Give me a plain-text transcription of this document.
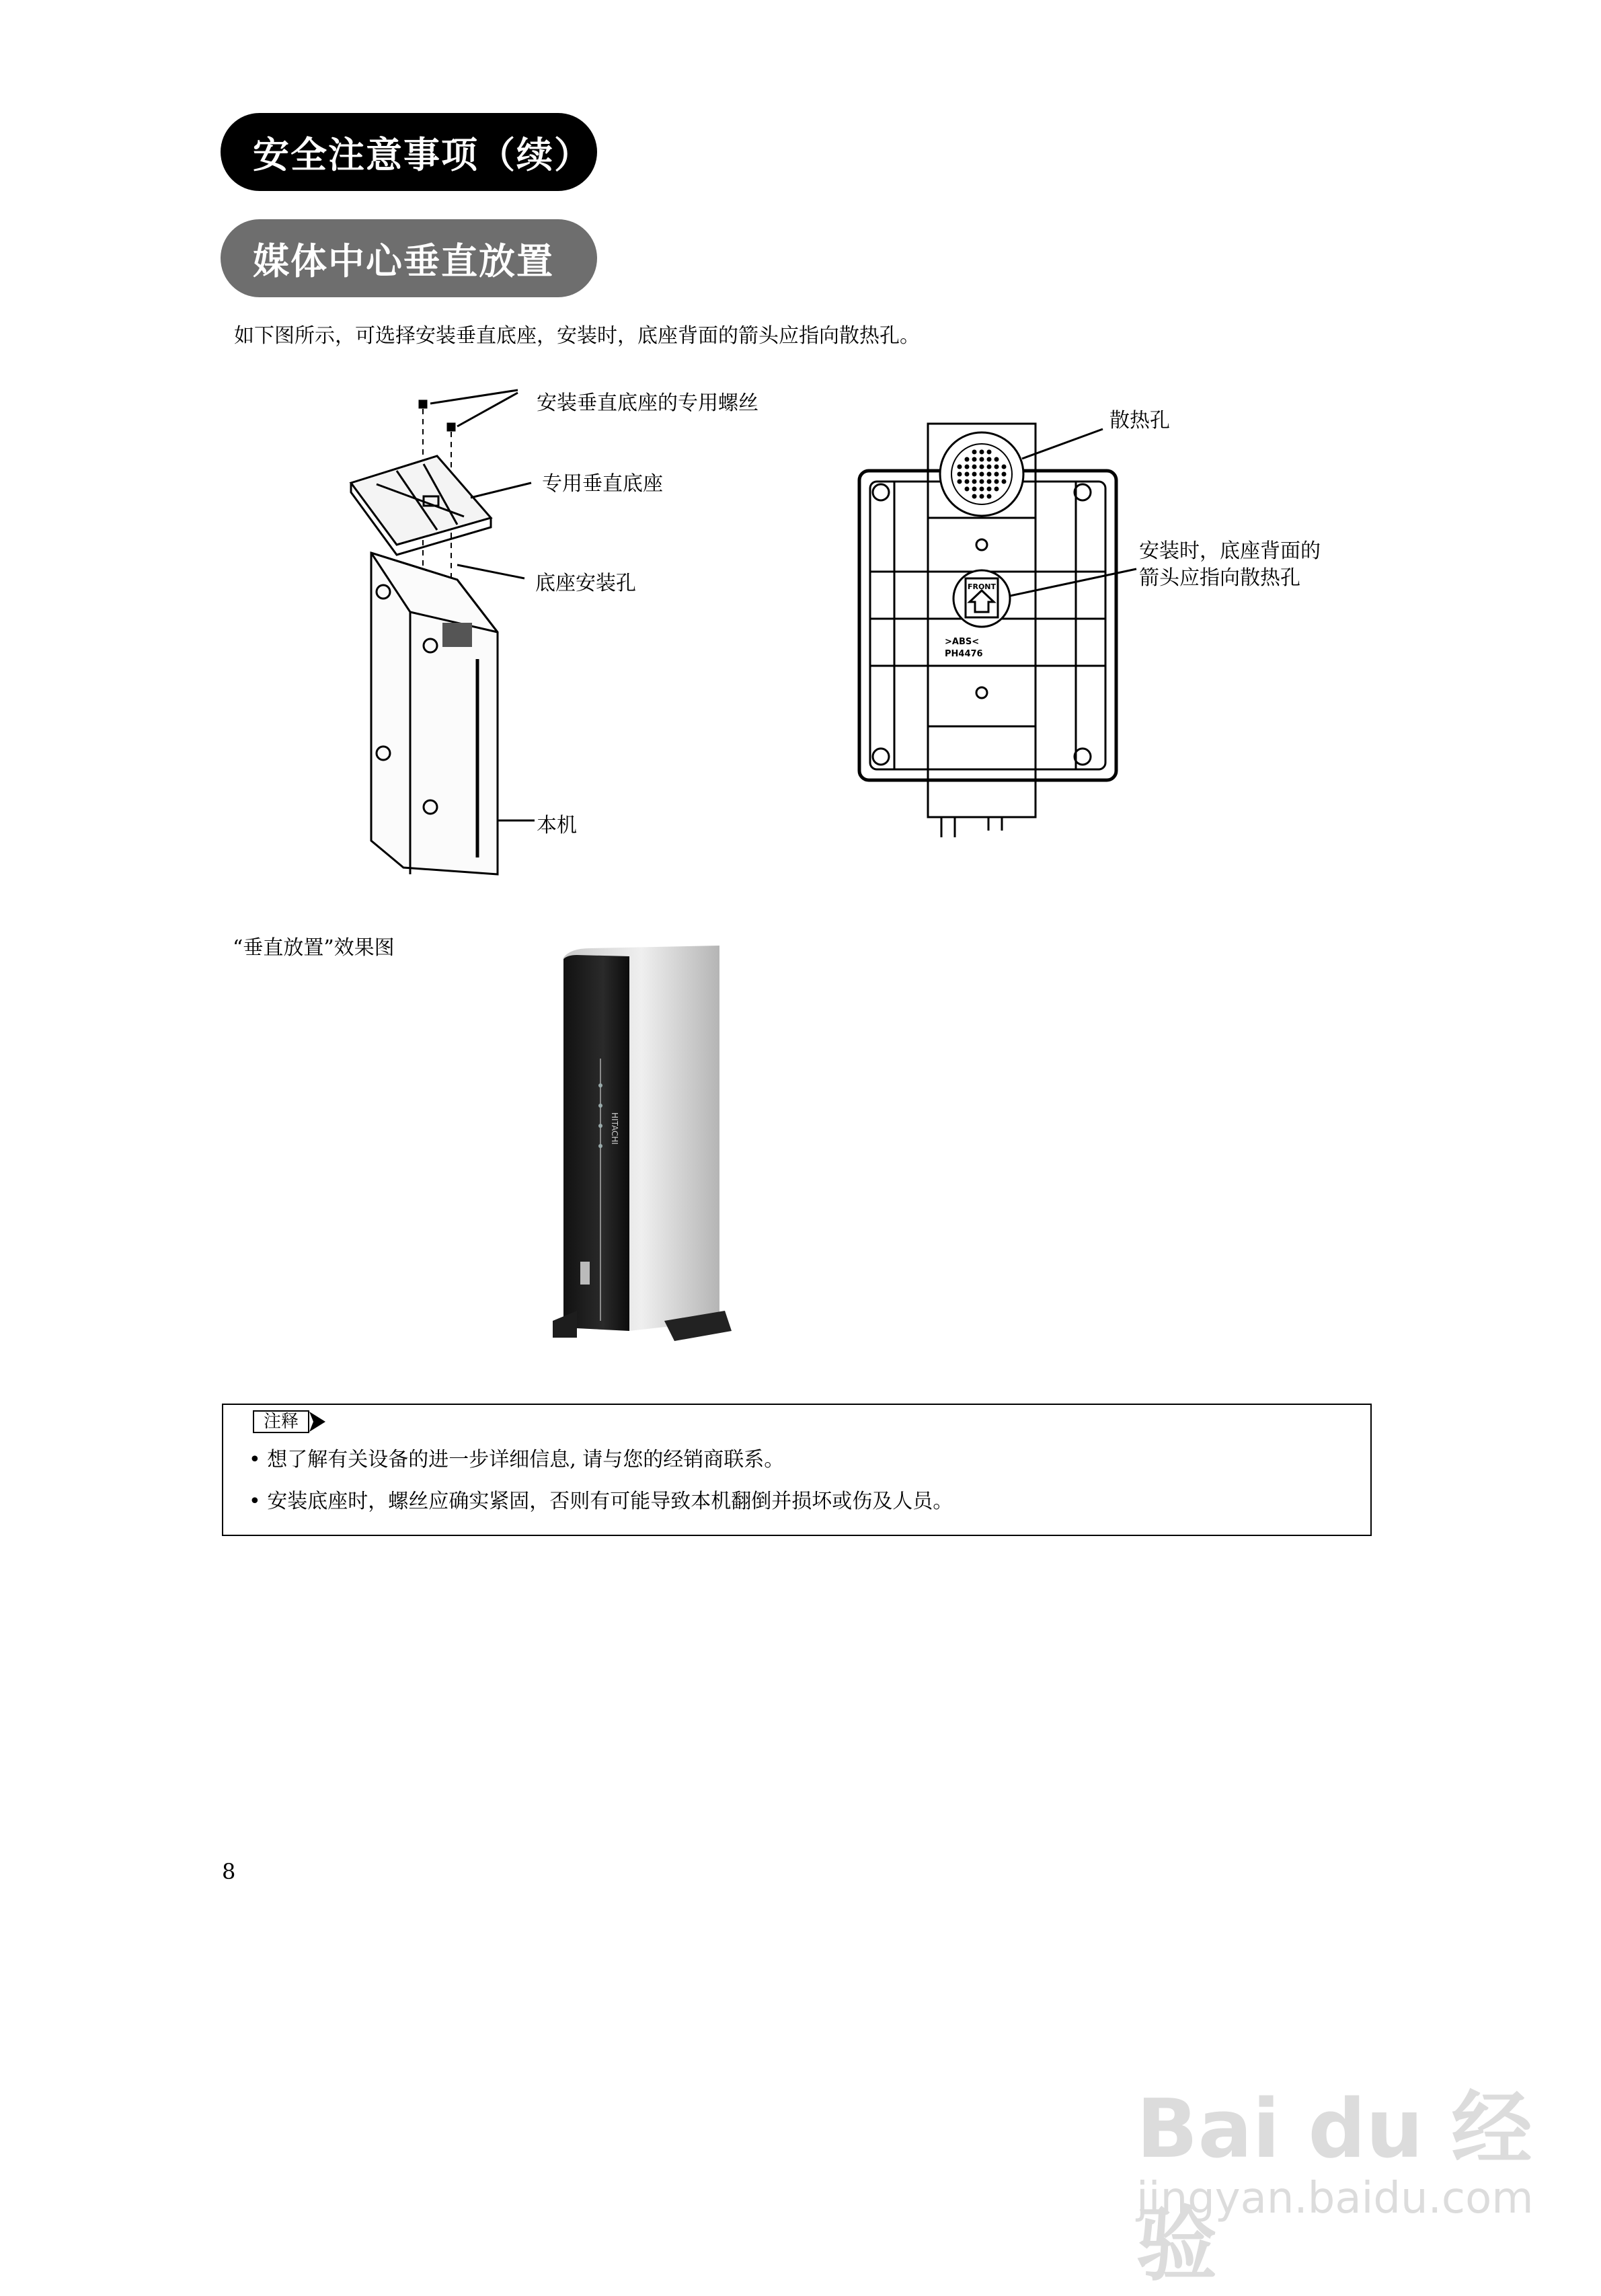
安全注意事项（续）
媒体中心垂直放置
如下图所示，可选择安装垂直底座，安装时，底座背面的箭头应指向散热孔。
安装垂直底座的专用螺丝
专用垂直底座
底座安装孔
本机
FRONT
>ABS<
PH4476
散热孔
安装时，底座背面的
箭头应指向散热孔
“垂直放置”效果图
HITACHI
注释
• 想了解有关设备的进一步详细信息, 请与您的经销商联系。
• 安装底座时，螺丝应确实紧固，否则有可能导致本机翻倒并损坏或伤及人员。
8
Bai du 经验
jingyan.baidu.com
